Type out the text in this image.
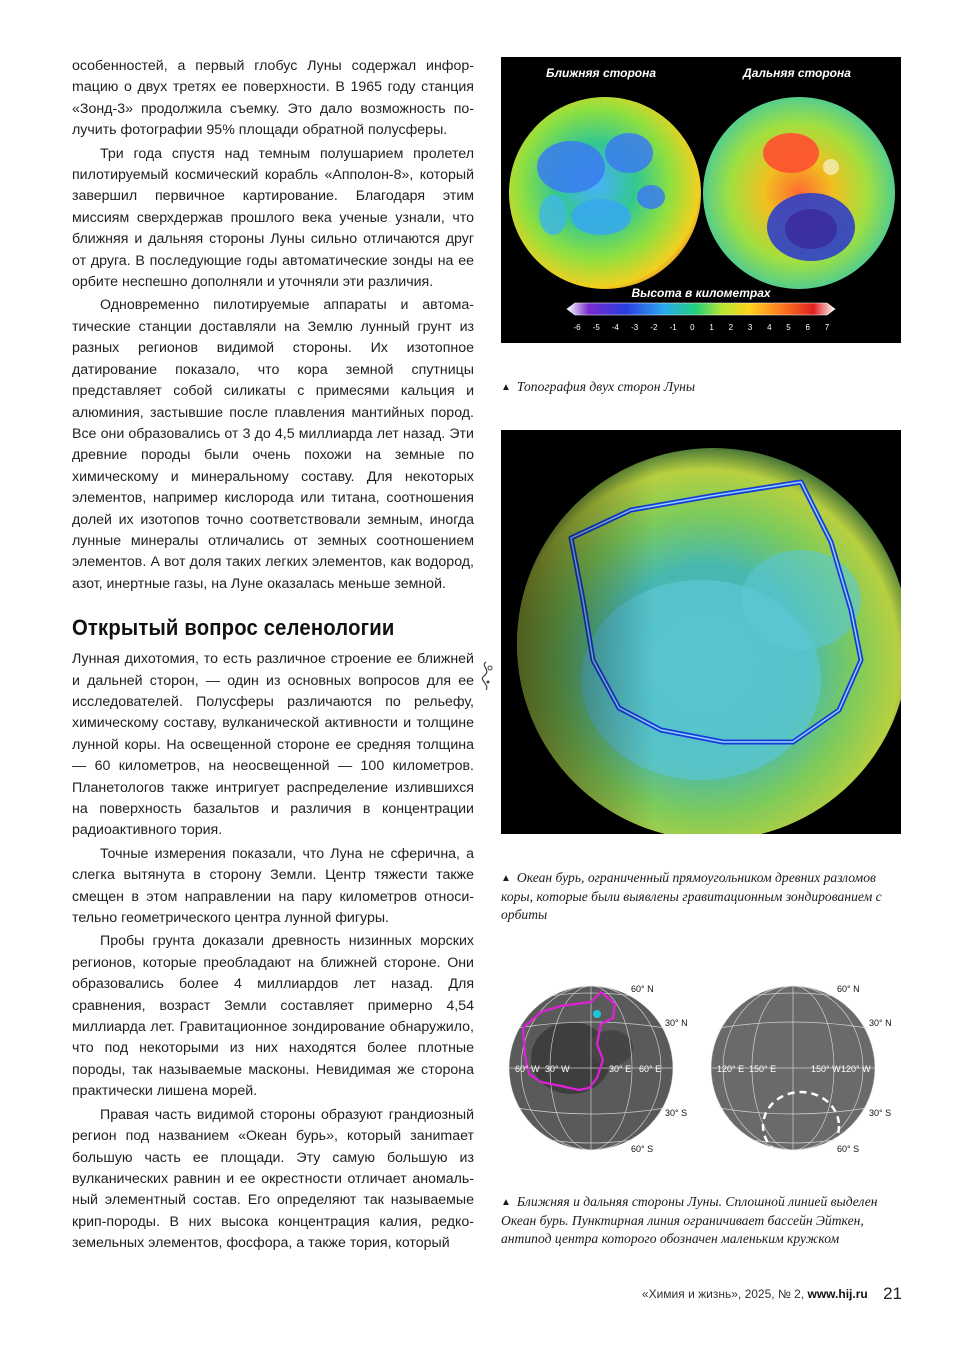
особенностей, а первый глобус Луны содержал инфорmацию о двух третях ее поверхности. В 1965 году станция «Зонд-3» продолжила съемку. Это дало возможность получить фотографии 95% площади обратной полусферы.

Три года спустя над темным полушарием пролетел пилотируемый космический корабль «Апполон-8», который завершил первичное картирование. Благодаря этим миссиям сверхдержав прошлого века ученые узнали, что ближняя и дальняя стороны Луны сильно отличаются друг от друга. В последующие годы автоматические зонды на ее орбите неспешно дополняли и уточняли эти различия.

Одновременно пилотируемые аппараты и автоматические станции доставляли на Землю лунный грунт из разных регионов видимой стороны. Их изотопное датирование показало, что кора земной спутницы представляет собой силикаты с примесями кальция и алюминия, застывшие после плавления мантийных пород. Все они образовались от 3 до 4,5 миллиарда лет назад. Эти древние породы были очень похожи на земные по химическому и минеральному составу. Для некоторых элементов, например кислорода или титана, соотношения долей их изотопов точно соответствовали земным, иногда лунные минералы отличались от земных соотношением элементов. А вот доля таких легких элементов, как водород, азот, инертные газы, на Луне оказалась меньше земной.

Открытый вопрос селенологии

Лунная дихотомия, то есть различное строение ее ближней и дальней сторон, — один из основных вопросов для ее исследователей. Полусферы различаются по рельефу, химическому составу, вулканической активности и толщине лунной коры. На освещенной стороне ее средняя толщина — 60 километров, на неосвещенной — 100 километров. Планетологов также интригует распределение излившихся на поверхность базальтов и различия в концентрации радиоактивного тория.

Точные измерения показали, что Луна не сферична, а слегка вытянута в сторону Земли. Центр тяжести также смещен в этом направлении на пару километров относительно геометрического центра лунной фигуры.

Пробы грунта доказали древность низинных морских регионов, которые преобладают на ближней стороне. Они образовались более 4 миллиардов лет назад. Для сравнения, возраст Земли составляет примерно 4,54 миллиарда лет. Гравитационное зондирование обнаружило, что под некоторыми из них находятся более плотные породы, так называемые масконы. Невидимая же сторона практически лишена морей.

Правая часть видимой стороны образуют грандиозный регион под названием «Океан бурь», который заниmает большую часть ее площади. Эту самую большую из вулканических равнин и ее окрестности отличает аномальный элементный состав. Его определяют так называемые крип-породы. В них высока концентрация калия, редкоземельных элементов, фосфора, а также тория, который

Ближняя сторона	Дальняя сторона
Высота в километрах
-6 -5 -4 -3 -2 -1 0 1 2 3 4 5 6 7
▲ Топография двух сторон Луны
▲ Океан бурь, ограниченный прямоугольником древних разломов коры, которые были выявлены гравитационным зондированием с орбиты
60° W 30° W	30° E 60° E
60° N
30° N
30° S
60° S
120° E 150° E	150° W 120° W
60° N
30° N
30° S
60° S
▲ Ближняя и дальняя стороны Луны. Сплошной линией выделен Океан бурь. Пунктирная линия ограничивает бассейн Эйткен, антипод центра которого обозначен маленьким кружком
«Химия и жизнь», 2025, № 2, www.hij.ru 21
